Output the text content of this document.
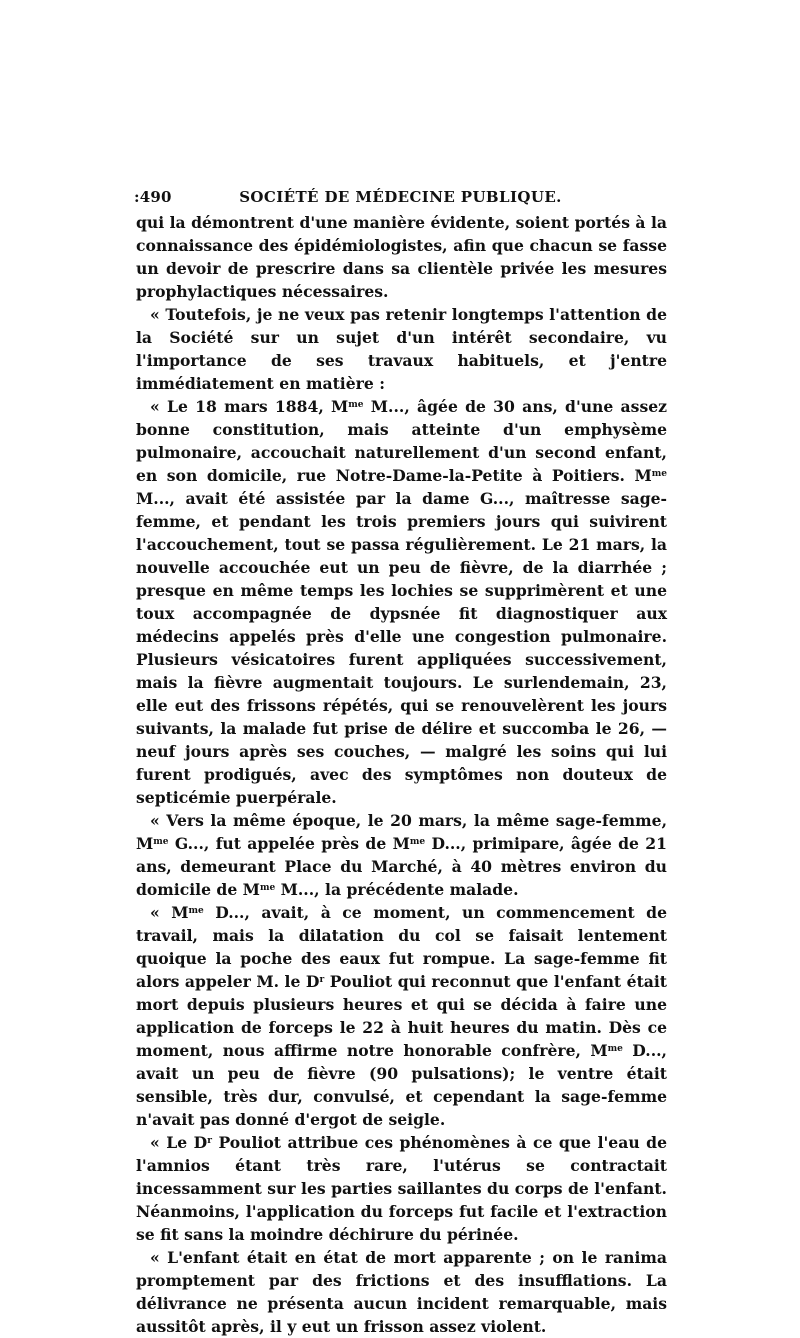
:490	SOCIÉTÉ DE MÉDECINE PUBLIQUE.

qui la démontrent d'une manière évidente, soient portés à la connaissance des épidémiologistes, afin que chacun se fasse un devoir de prescrire dans sa clientèle privée les mesures prophylactiques nécessaires.

« Toutefois, je ne veux pas retenir longtemps l'attention de la Société sur un sujet d'un intérêt secondaire, vu l'importance de ses travaux habituels, et j'entre immédiatement en matière :

« Le 18 mars 1884, $M^{me}$ M..., âgée de 30 ans, d'une assez bonne constitution, mais atteinte d'un emphysème pulmonaire, accouchait naturellement d'un second enfant, en son domicile, rue Notre-Dame-la-Petite à Poitiers. $M^{me}$ M..., avait été assistée par la dame G..., maîtresse sage-femme, et pendant les trois premiers jours qui suivirent l'accouchement, tout se passa régulièrement. Le 21 mars, la nouvelle accouchée eut un peu de fièvre, de la diarrhée ; presque en même temps les lochies se supprimèrent et une toux accompagnée de dypsnée fit diagnostiquer aux médecins appelés près d'elle une congestion pulmonaire. Plusieurs vésicatoires furent appliquées successivement, mais la fièvre augmentait toujours. Le surlendemain, 23, elle eut des frissons répétés, qui se renouvelèrent les jours suivants, la malade fut prise de délire et succomba le 26, — neuf jours après ses couches, — malgré les soins qui lui furent prodigués, avec des symptômes non douteux de septicémie puerpérale.

« Vers la même époque, le 20 mars, la même sage-femme, $M^{me}$ G..., fut appelée près de $M^{me}$ D..., primipare, âgée de 21 ans, demeurant Place du Marché, à 40 mètres environ du domicile de $M^{me}$ M..., la précédente malade.

« $M^{me}$ D..., avait, à ce moment, un commencement de travail, mais la dilatation du col se faisait lentement quoique la poche des eaux fut rompue. La sage-femme fit alors appeler M. le $D^r$ Pouliot qui reconnut que l'enfant était mort depuis plusieurs heures et qui se décida à faire une application de forceps le 22 à huit heures du matin. Dès ce moment, nous affirme notre honorable confrère, $M^{me}$ D..., avait un peu de fièvre (90 pulsations); le ventre était sensible, très dur, convulsé, et cependant la sage-femme n'avait pas donné d'ergot de seigle.

« Le $D^r$ Pouliot attribue ces phénomènes à ce que l'eau de l'amnios étant très rare, l'utérus se contractait incessamment sur les parties saillantes du corps de l'enfant. Néanmoins, l'application du forceps fut facile et l'extraction se fit sans la moindre déchirure du périnée.

« L'enfant était en état de mort apparente ; on le ranima promptement par des frictions et des insufflations. La délivrance ne présenta aucun incident remarquable, mais aussitôt après, il y eut un frisson assez violent.
